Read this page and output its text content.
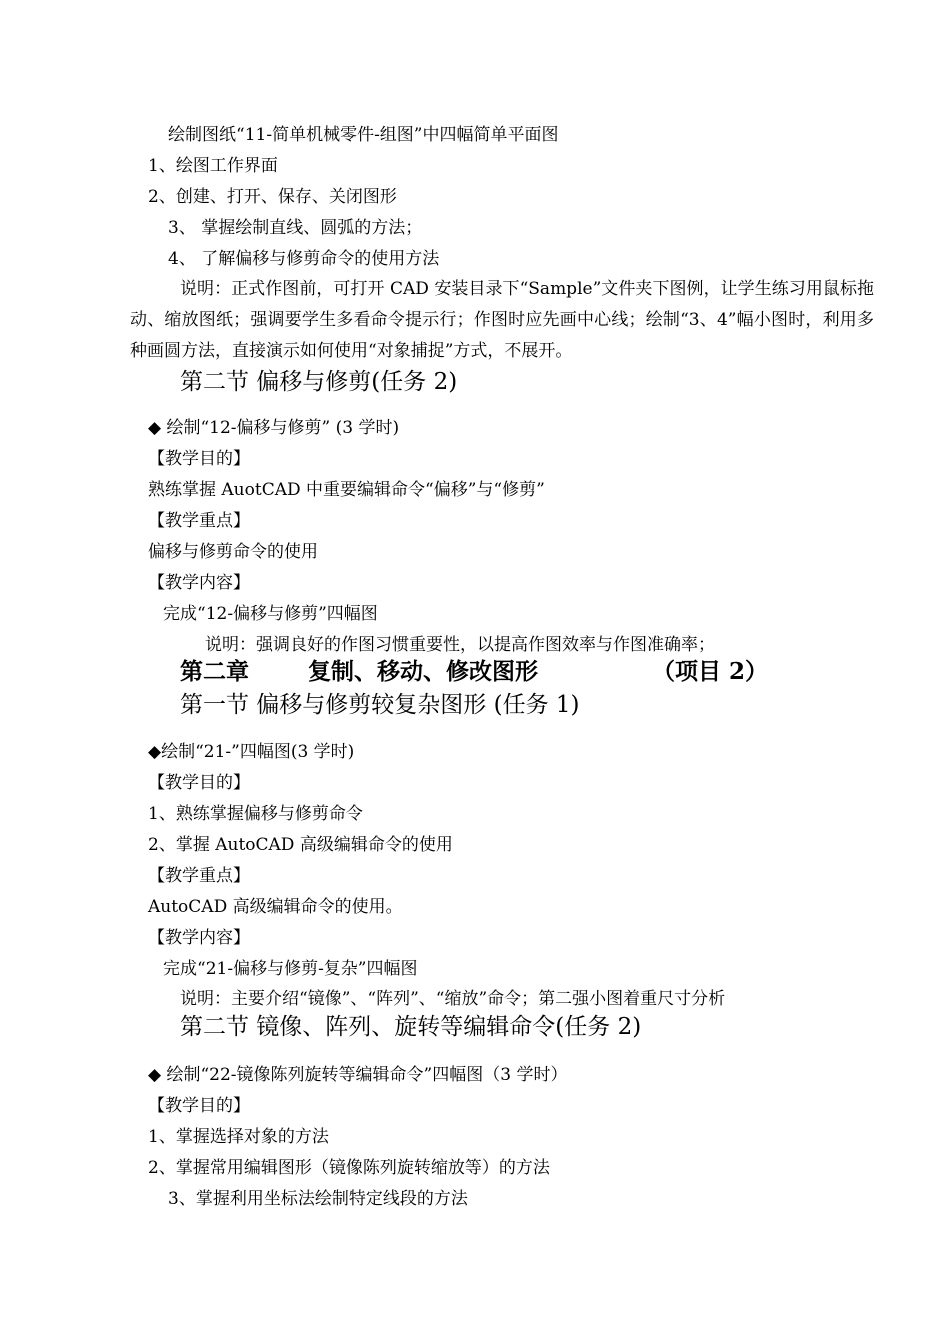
绘制图纸“11-简单机械零件-组图”中四幅简单平面图
1、绘图工作界面
2、创建、打开、保存、关闭图形
3、 掌握绘制直线、圆弧的方法；
4、 了解偏移与修剪命令的使用方法
说明：正式作图前，可打开 CAD 安装目录下“Sample”文件夹下图例，让学生练习用鼠标拖动、缩放图纸；强调要学生多看命令提示行；作图时应先画中心线；绘制“3、4”幅小图时，利用多种画圆方法，直接演示如何使用“对象捕捉”方式，不展开。
第二节 偏移与修剪(任务 2)
◆ 绘制“12-偏移与修剪” (3 学时)
【教学目的】
熟练掌握 AuotCAD 中重要编辑命令“偏移”与“修剪”
【教学重点】
偏移与修剪命令的使用
【教学内容】
完成“12-偏移与修剪”四幅图
说明：强调良好的作图习惯重要性，以提高作图效率与作图准确率；
第二章	复制、移动、修改图形	（项目 2）
第一节 偏移与修剪较复杂图形 (任务 1)
◆绘制“21-”四幅图(3 学时)
【教学目的】
1、熟练掌握偏移与修剪命令
2、掌握 AutoCAD 高级编辑命令的使用
【教学重点】
AutoCAD 高级编辑命令的使用。
【教学内容】
完成“21-偏移与修剪-复杂”四幅图
说明：主要介绍“镜像”、“阵列”、“缩放”命令；第二强小图着重尺寸分析
第二节 镜像、阵列、旋转等编辑命令(任务 2)
◆ 绘制“22-镜像陈列旋转等编辑命令”四幅图（3 学时）
【教学目的】
1、掌握选择对象的方法
2、掌握常用编辑图形（镜像陈列旋转缩放等）的方法
3、掌握利用坐标法绘制特定线段的方法
